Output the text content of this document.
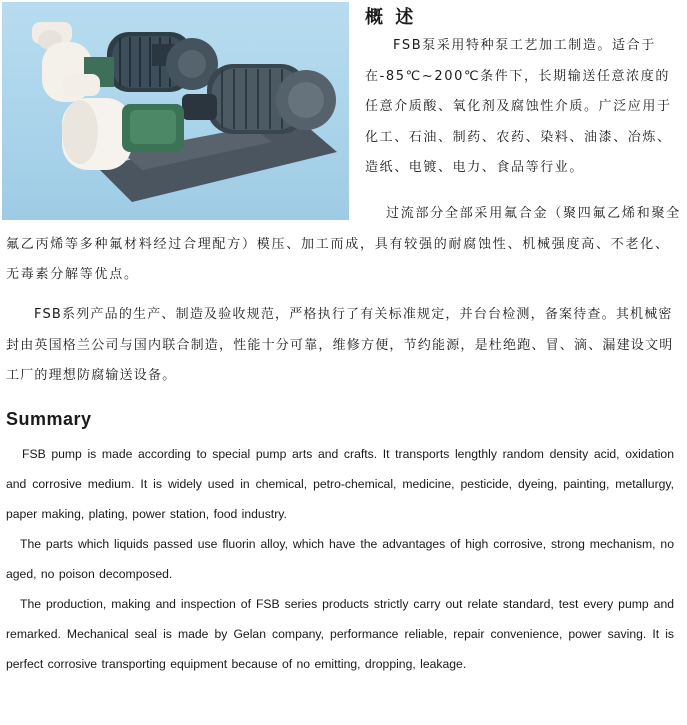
概 述

FSB泵采用特种泵工艺加工制造。适合于在-85℃~200℃条件下，长期输送任意浓度的任意介质酸、氧化剂及腐蚀性介质。广泛应用于化工、石油、制药、农药、染料、油漆、冶炼、造纸、电镀、电力、食品等行业。

过流部分全部采用氟合金（聚四氟乙烯和聚全氟乙丙烯等多种氟材料经过合理配方）模压、加工而成，具有较强的耐腐蚀性、机械强度高、不老化、无毒素分解等优点。

FSB系列产品的生产、制造及验收规范，严格执行了有关标准规定，并台台检测，备案待查。其机械密封由英国格兰公司与国内联合制造，性能十分可靠，维修方便，节约能源，是杜绝跑、冒、滴、漏建设文明工厂的理想防腐输送设备。

Summary

FSB pump is made according to special pump arts and crafts. It transports lengthly random density acid, oxidation and corrosive medium. It is widely used in chemical, petro-chemical, medicine, pesticide, dyeing, painting, metallurgy, paper making, plating, power station, food industry.

The parts which liquids passed use fluorin alloy, which have the advantages of high corrosive, strong mechanism, no aged, no poison decomposed.

The production, making and inspection of FSB series products strictly carry out relate standard, test every pump and remarked. Mechanical seal is made by Gelan company, performance reliable, repair convenience, power saving. It is perfect corrosive transporting equipment because of no emitting, dropping, leakage.
